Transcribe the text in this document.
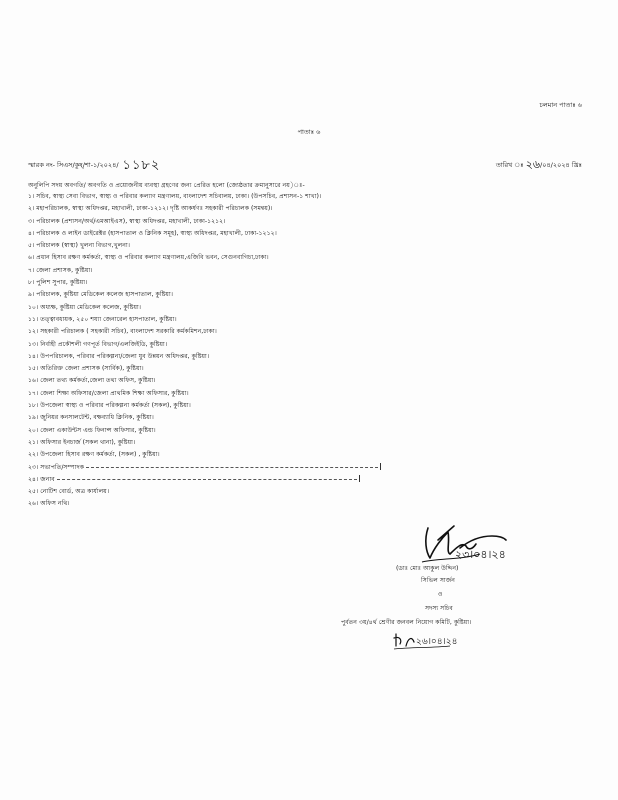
চলমান পাতাঃ ৬
পাতাঃ ৬
স্মারক নং- সিএস/কুষ্/শা-১/২০২৪/ ১১৮২	তারিখ ঃ ২৬/০৪/২০২৪ খ্রিঃ
অনুলিপি সদয় অবগতি/ অবগতি ও প্রয়োজনীয় ব্যবস্থা গ্রহণের জন্য প্রেরিত হলো (জ্যেষ্ঠতার ক্রমানুসারে নয়)ঃ-
১। সচিব, স্বাস্থ্য সেবা বিভাগ, স্বাস্থ্য ও পরিবার কল্যাণ মন্ত্রণালয়, বাংলাদেশ সচিবালয়, ঢাকা। (উপসচিব, প্রশাসন-১ শাখা)।
২। মহাপরিচালক, স্বাস্থ্য অধিদপ্তর, মহাখালী, ঢাকা-১২১২। দৃষ্টি আকর্ষণঃ সহকারী পরিচালক (সমন্বয়)।
৩। পরিচালক (প্রশাসন/অর্থ/এমআইএস), স্বাস্থ্য অধিদপ্তর, মহাখালী, ঢাকা-১২১২।
৪। পরিচালক ও লাইন ডাইরেক্টর (হাসপাতাল ও ক্লিনিক সমূহ), স্বাস্থ্য অধিদপ্তর, মহাখালী, ঢাকা-১২১২।
৫। পরিচালক (স্বাস্থ্য) খুলনা বিভাগ,খুলনা।
৬। প্রধান হিসাব রক্ষণ কর্মকর্তা, স্বাস্থ্য ও পরিবার কল্যাণ মন্ত্রণালয়,এজিবি ভবন, সেগুনবাগিচা,ঢাকা।
৭। জেলা প্রশাসক, কুষ্টিয়া।
৮। পুলিশ সুপার, কুষ্টিয়া।
৯। পরিচালক, কুষ্টিয়া মেডিকেল কলেজ হাসপাতাল, কুষ্টিয়া।
১০। অধ্যক্ষ, কুষ্টিয়া মেডিকেল কলেজ, কুষ্টিয়া।
১১। তত্ত্বাবধায়ক, ২৫০ শয্যা জেনারেল হাসপাতাল, কুষ্টিয়া।
১২। সহকারী পরিচালক ( সহকারী সচিব), বাংলাদেশ সরকারি কর্মকমিশন,ঢাকা।
১৩। নির্বাহী প্রকৌশলী গণপূর্ত বিভাগ/এলজিইডি, কুষ্টিয়া।
১৪। উপপরিচালক, পরিবার পরিকল্পনা/জেলা যুব উন্নয়ন অধিদপ্তর, কুষ্টিয়া।
১৫। অতিরিক্ত জেলা প্রশাসক (সার্বিক), কুষ্টিয়া।
১৬। জেলা তথ্য কর্মকর্তা,জেলা তথ্য অফিস, কুষ্টিয়া।
১৭। জেলা শিক্ষা অফিসার/জেলা প্রাথমিক শিক্ষা অফিসার, কুষ্টিয়া।
১৮। উপজেলা স্বাস্থ্য ও পরিবার পরিকল্পনা কর্মকর্তা (সকল), কুষ্টিয়া।
১৯। জুনিয়র কনসালটেন্ট, বক্ষব্যাধি ক্লিনিক, কুষ্টিয়া।
২০। জেলা একাউন্টস এন্ড ফিনান্স অফিসার, কুষ্টিয়া।
২১। অফিসার ইনচার্জ (সকল থানা), কুষ্টিয়া।
২২। উপজেলা হিসাব রক্ষণ কর্মকর্তা, (সকল) , কুষ্টিয়া।
২৩। সভাপতি/সম্পাদক

২৪। জনাব

২৫। নোটিশ বোর্ড, অত্র কার্যালয়।
২৬। অফিস নথি।
২৩।০৪।২৪
(ডাঃ মোঃ আকুল উদ্দিন)
সিভিল সার্জন
ও
সদস্য সচিব
পুর্বতন ৩য়/৪র্থ শ্রেণীর জনবল নিয়োগ কমিটি, কুষ্টিয়া।
২৬।০৪।২৪
